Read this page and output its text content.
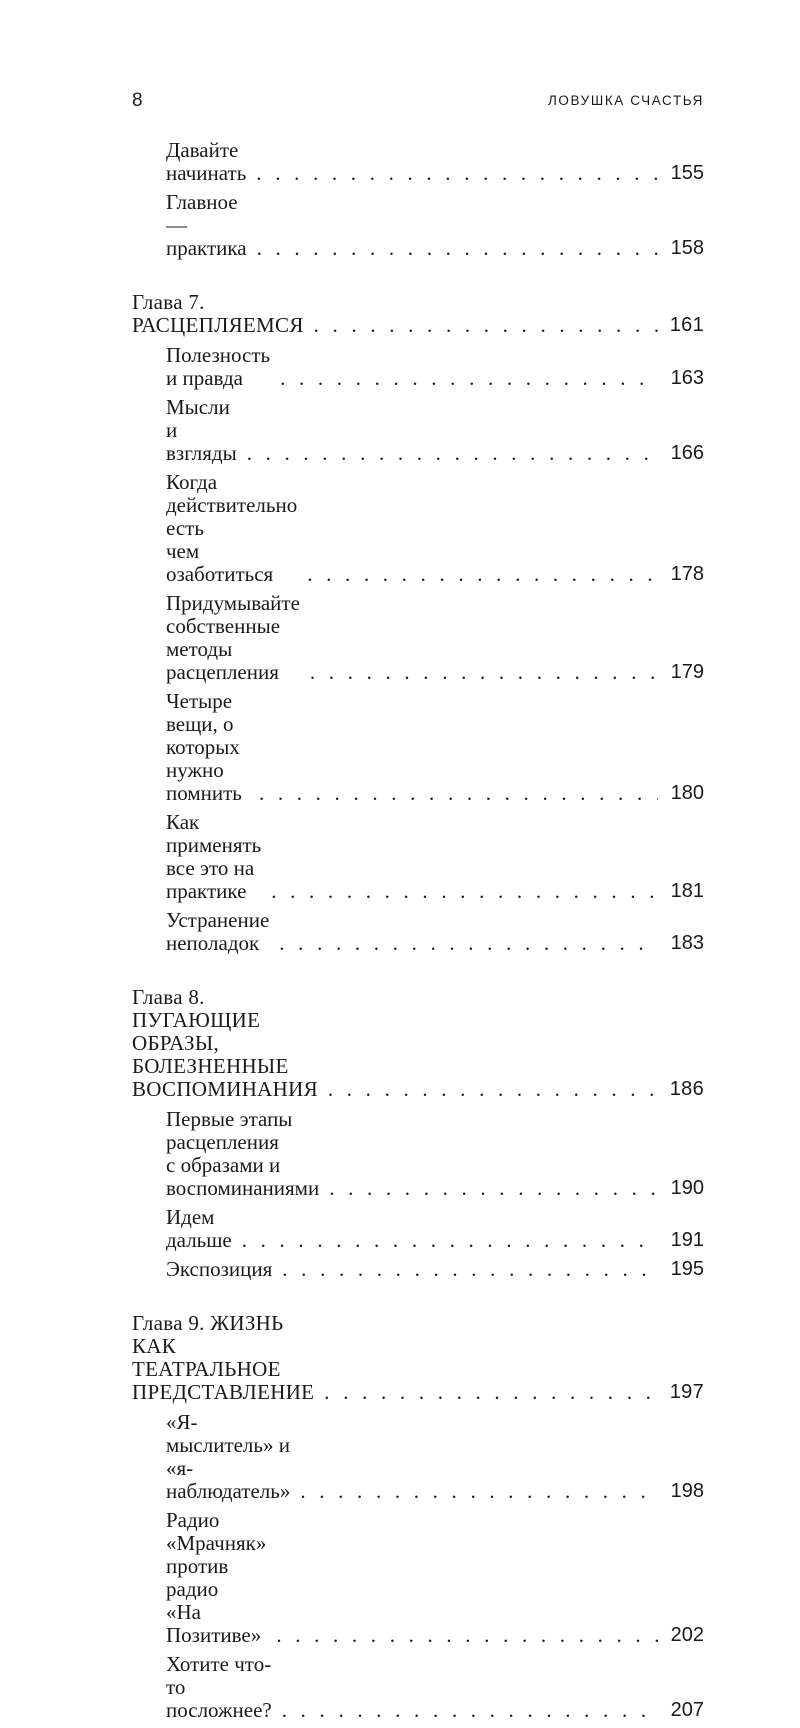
8	ЛОВУШКА СЧАСТЬЯ
Давайте начинать . . .	155
Главное — практика . . .	158
Глава 7. РАСЦЕПЛЯЕМСЯ . . .	161
Полезность и правда . . .	163
Мысли и взгляды . . .	166
Когда действительно есть
чем озаботиться . . .	178
Придумывайте собственные методы
расцепления . . .	179
Четыре вещи, о которых нужно
помнить . . .	180
Как применять все это на практике . . .	181
Устранение неполадок . . .	183
Глава 8. ПУГАЮЩИЕ ОБРАЗЫ,
БОЛЕЗНЕННЫЕ ВОСПОМИНАНИЯ . . .	186
Первые этапы расцепления
с образами и воспоминаниями . . .	190
Идем дальше . . .	191
Экспозиция . . .	195
Глава 9. ЖИЗНЬ КАК ТЕАТРАЛЬНОЕ
ПРЕДСТАВЛЕНИЕ . . .	197
«Я-мыслитель» и «я-наблюдатель» . . .	198
Радио «Мрачняк» против радио
«На Позитиве» . . .	202
Хотите что-то посложнее? . . .	207
